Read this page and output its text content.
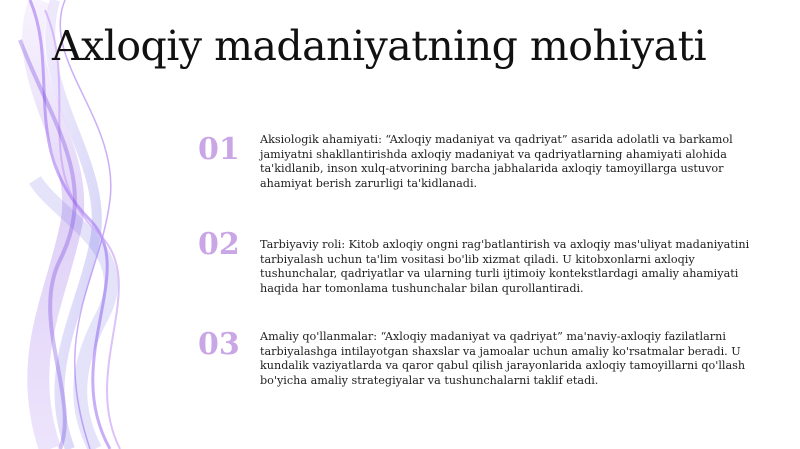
Axloqiy madaniyatning mohiyati
01 Aksiologik ahamiyati: “Axloqiy madaniyat va qadriyat” asarida adolatli va barkamol jamiyatni shakllantirishda axloqiy madaniyat va qadriyatlarning ahamiyati alohida ta'kidlanib, inson xulq-atvorining barcha jabhalarida axloqiy tamoyillarga ustuvor ahamiyat berish zarurligi ta'kidlanadi.
02 Tarbiyaviy roli: Kitob axloqiy ongni rag'batlantirish va axloqiy mas'uliyat madaniyatini tarbiyalash uchun ta'lim vositasi bo'lib xizmat qiladi. U kitobxonlarni axloqiy tushunchalar, qadriyatlar va ularning turli ijtimoiy kontekstlardagi amaliy ahamiyati haqida har tomonlama tushunchalar bilan qurollantiradi.
03 Amaliy qo'llanmalar: “Axloqiy madaniyat va qadriyat” ma'naviy-axloqiy fazilatlarni tarbiyalashga intilayotgan shaxslar va jamoalar uchun amaliy ko'rsatmalar beradi. U kundalik vaziyatlarda va qaror qabul qilish jarayonlarida axloqiy tamoyillarni qo'llash bo'yicha amaliy strategiyalar va tushunchalarni taklif etadi.
